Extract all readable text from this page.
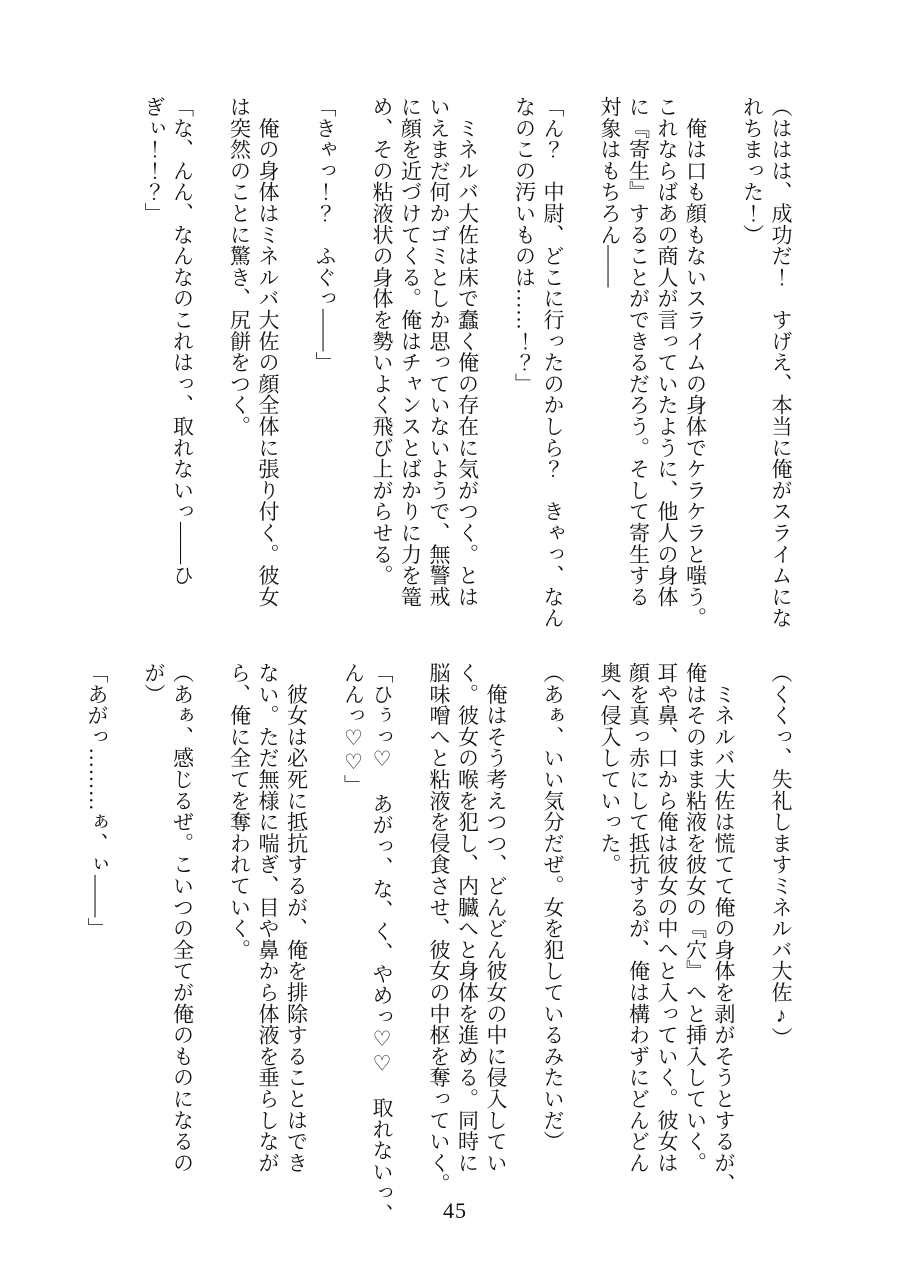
（ははは、成功だ！　すげえ、本当に俺がスライムにな

れちまった！）

　俺は口も顔もないスライムの身体でケラケラと嗤う。

これならばあの商人が言っていたように、他人の身体

に『寄生』することができるだろう。そして寄生する

対象はもちろん――

「ん？　中尉、どこに行ったのかしら？　きゃっ、なん

なのこの汚いものは……！？」

　ミネルバ大佐は床で蠢く俺の存在に気がつく。とは

いえまだ何かゴミとしか思っていないようで、無警戒

に顔を近づけてくる。俺はチャンスとばかりに力を篭

め、その粘液状の身体を勢いよく飛び上がらせる。

「きゃっ！？　ふぐっ――」

　俺の身体はミネルバ大佐の顔全体に張り付く。彼女

は突然のことに驚き、尻餅をつく。

「な、んん、なんなのこれはっ、取れないっ――ひ

ぎぃ！！？」

（くくっ、失礼しますミネルバ大佐♪）

　ミネルバ大佐は慌てて俺の身体を剥がそうとするが、

俺はそのまま粘液を彼女の『穴』へと挿入していく。

耳や鼻、口から俺は彼女の中へと入っていく。彼女は

顔を真っ赤にして抵抗するが、俺は構わずにどんどん

奥へ侵入していった。

（あぁ、いい気分だぜ。女を犯しているみたいだ）

　俺はそう考えつつ、どんどん彼女の中に侵入してい

く。彼女の喉を犯し、内臓へと身体を進める。同時に

脳味噌へと粘液を侵食させ、彼女の中枢を奪っていく。

「ひぅっ♡　あがっ、な、く、やめっ♡♡　取れないっ、

んんっ♡♡」

　彼女は必死に抵抗するが、俺を排除することはでき

ない。ただ無様に喘ぎ、目や鼻から体液を垂らしなが

ら、俺に全てを奪われていく。

（あぁ、感じるぜ。こいつの全てが俺のものになるの

が）

「あがっ………ぁ、ぃ――」

45
